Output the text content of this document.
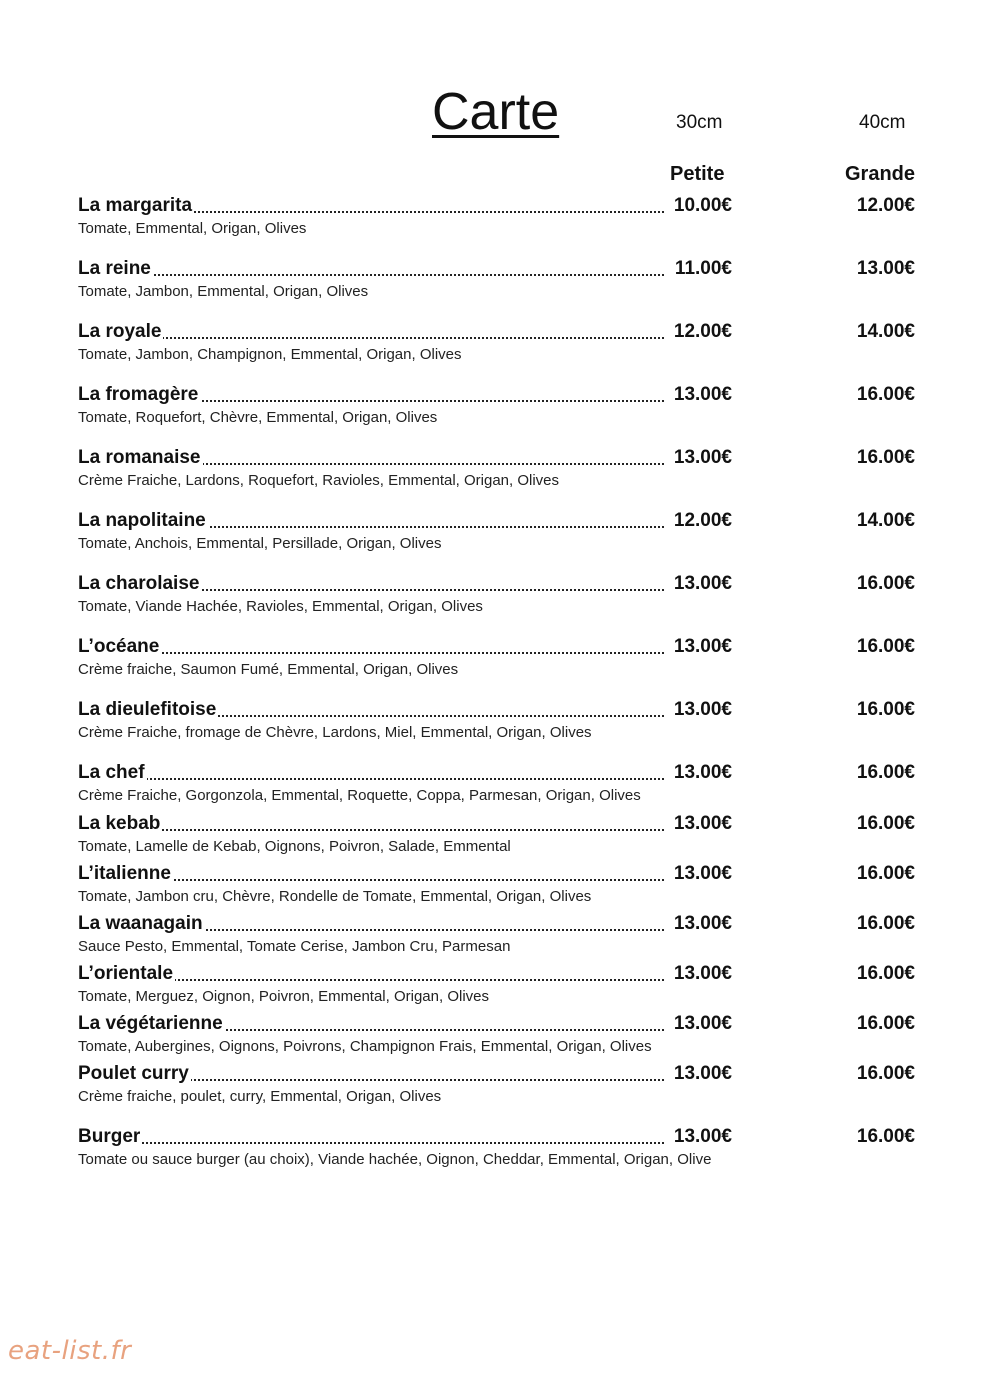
Carte	30cm	40cm
Petite	Grande
La margarita	10.00€	12.00€
Tomate, Emmental, Origan, Olives
La reine	11.00€	13.00€
Tomate, Jambon, Emmental, Origan, Olives
La royale	12.00€	14.00€
Tomate, Jambon, Champignon, Emmental, Origan, Olives
La fromagère	13.00€	16.00€
Tomate, Roquefort, Chèvre, Emmental, Origan, Olives
La romanaise	13.00€	16.00€
Crème Fraiche, Lardons, Roquefort, Ravioles, Emmental, Origan, Olives
La napolitaine	12.00€	14.00€
Tomate, Anchois, Emmental, Persillade, Origan, Olives
La charolaise	13.00€	16.00€
Tomate, Viande Hachée, Ravioles, Emmental, Origan, Olives
L’océane	13.00€	16.00€
Crème fraiche, Saumon Fumé, Emmental, Origan, Olives
La dieulefitoise	13.00€	16.00€
Crème Fraiche, fromage de Chèvre, Lardons, Miel, Emmental, Origan, Olives
La chef	13.00€	16.00€
Crème Fraiche, Gorgonzola, Emmental, Roquette, Coppa, Parmesan, Origan, Olives
La kebab	13.00€	16.00€
Tomate, Lamelle de Kebab, Oignons, Poivron, Salade, Emmental
L’italienne	13.00€	16.00€
Tomate, Jambon cru, Chèvre, Rondelle de Tomate, Emmental, Origan, Olives
La waanagain	13.00€	16.00€
Sauce Pesto, Emmental, Tomate Cerise, Jambon Cru, Parmesan
L’orientale	13.00€	16.00€
Tomate, Merguez, Oignon, Poivron, Emmental, Origan, Olives
La végétarienne	13.00€	16.00€
Tomate, Aubergines, Oignons, Poivrons, Champignon Frais, Emmental, Origan, Olives
Poulet curry	13.00€	16.00€
Crème fraiche, poulet, curry, Emmental, Origan, Olives
Burger	13.00€	16.00€
Tomate ou sauce burger (au choix), Viande hachée, Oignon, Cheddar, Emmental, Origan, Olive
eat-list.fr
